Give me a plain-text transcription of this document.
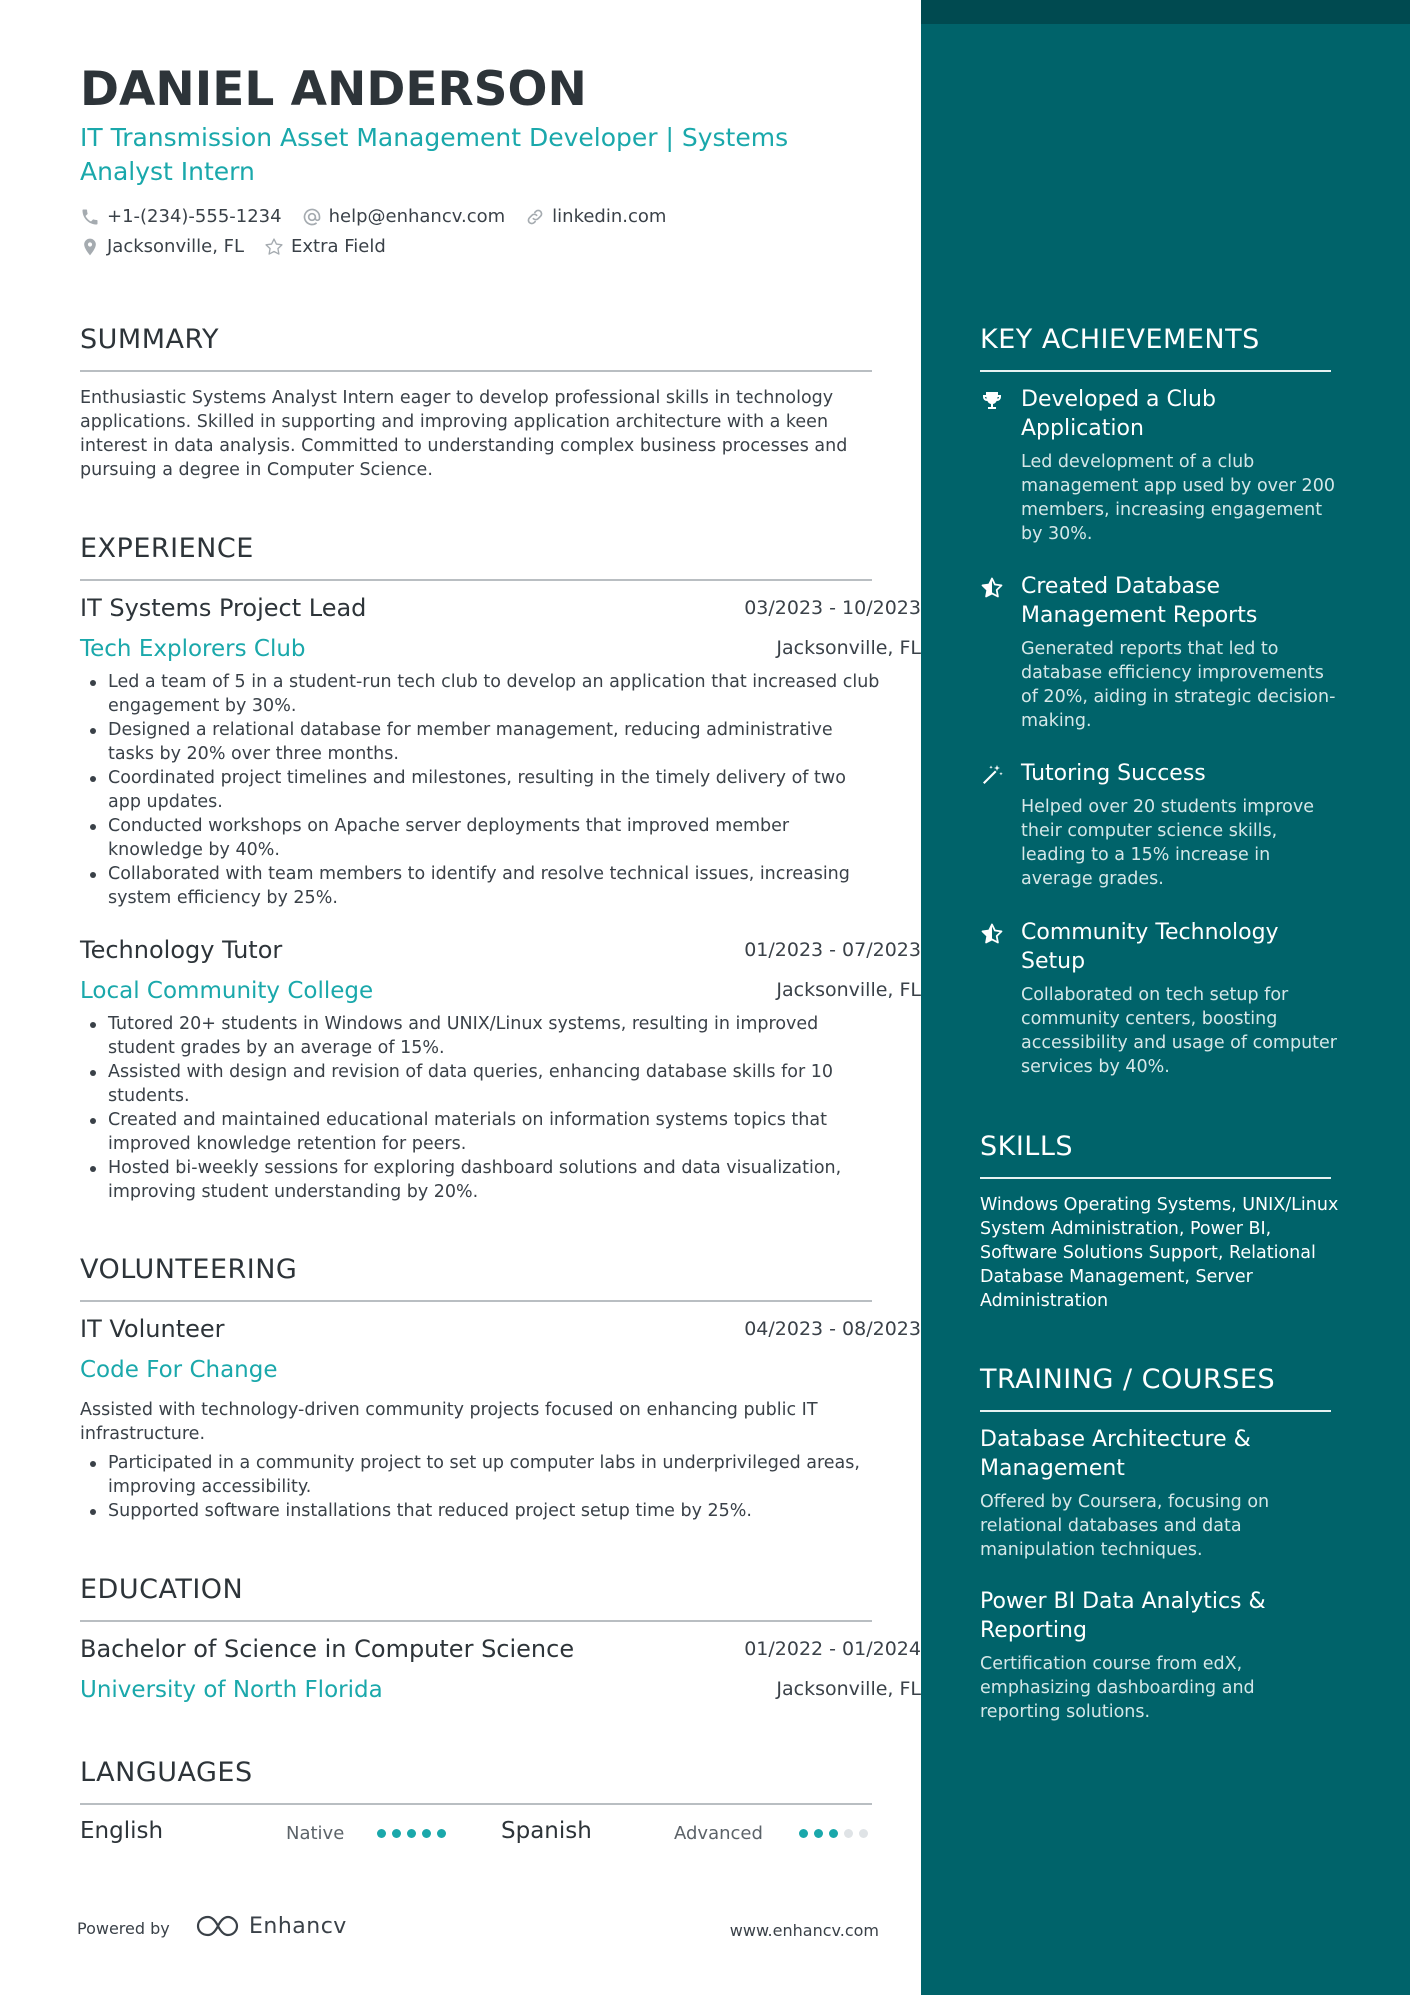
DANIEL ANDERSON
IT Transmission Asset Management Developer | Systems Analyst Intern
+1-(234)-555-1234	help@enhancv.com	linkedin.com
Jacksonville, FL	Extra Field
SUMMARY
Enthusiastic Systems Analyst Intern eager to develop professional skills in technology applications. Skilled in supporting and improving application architecture with a keen interest in data analysis. Committed to understanding complex business processes and pursuing a degree in Computer Science.
EXPERIENCE
IT Systems Project Lead	03/2023 - 10/2023
Tech Explorers Club	Jacksonville, FL
Led a team of 5 in a student-run tech club to develop an application that increased club engagement by 30%.
Designed a relational database for member management, reducing administrative tasks by 20% over three months.
Coordinated project timelines and milestones, resulting in the timely delivery of two app updates.
Conducted workshops on Apache server deployments that improved member knowledge by 40%.
Collaborated with team members to identify and resolve technical issues, increasing system efficiency by 25%.
Technology Tutor	01/2023 - 07/2023
Local Community College	Jacksonville, FL
Tutored 20+ students in Windows and UNIX/Linux systems, resulting in improved student grades by an average of 15%.
Assisted with design and revision of data queries, enhancing database skills for 10 students.
Created and maintained educational materials on information systems topics that improved knowledge retention for peers.
Hosted bi-weekly sessions for exploring dashboard solutions and data visualization, improving student understanding by 20%.
VOLUNTEERING
IT Volunteer	04/2023 - 08/2023
Code For Change
Assisted with technology-driven community projects focused on enhancing public IT infrastructure.
Participated in a community project to set up computer labs in underprivileged areas, improving accessibility.
Supported software installations that reduced project setup time by 25%.
EDUCATION
Bachelor of Science in Computer Science	01/2022 - 01/2024
University of North Florida	Jacksonville, FL
LANGUAGES
English	Native	Spanish	Advanced
Powered by	Enhancv	www.enhancv.com
KEY ACHIEVEMENTS
Developed a Club Application
Led development of a club management app used by over 200 members, increasing engagement by 30%.
Created Database Management Reports
Generated reports that led to database efficiency improvements of 20%, aiding in strategic decision-making.
Tutoring Success
Helped over 20 students improve their computer science skills, leading to a 15% increase in average grades.
Community Technology Setup
Collaborated on tech setup for community centers, boosting accessibility and usage of computer services by 40%.
SKILLS
Windows Operating Systems, UNIX/Linux System Administration, Power BI, Software Solutions Support, Relational Database Management, Server Administration
TRAINING / COURSES
Database Architecture & Management
Offered by Coursera, focusing on relational databases and data manipulation techniques.
Power BI Data Analytics & Reporting
Certification course from edX, emphasizing dashboarding and reporting solutions.
